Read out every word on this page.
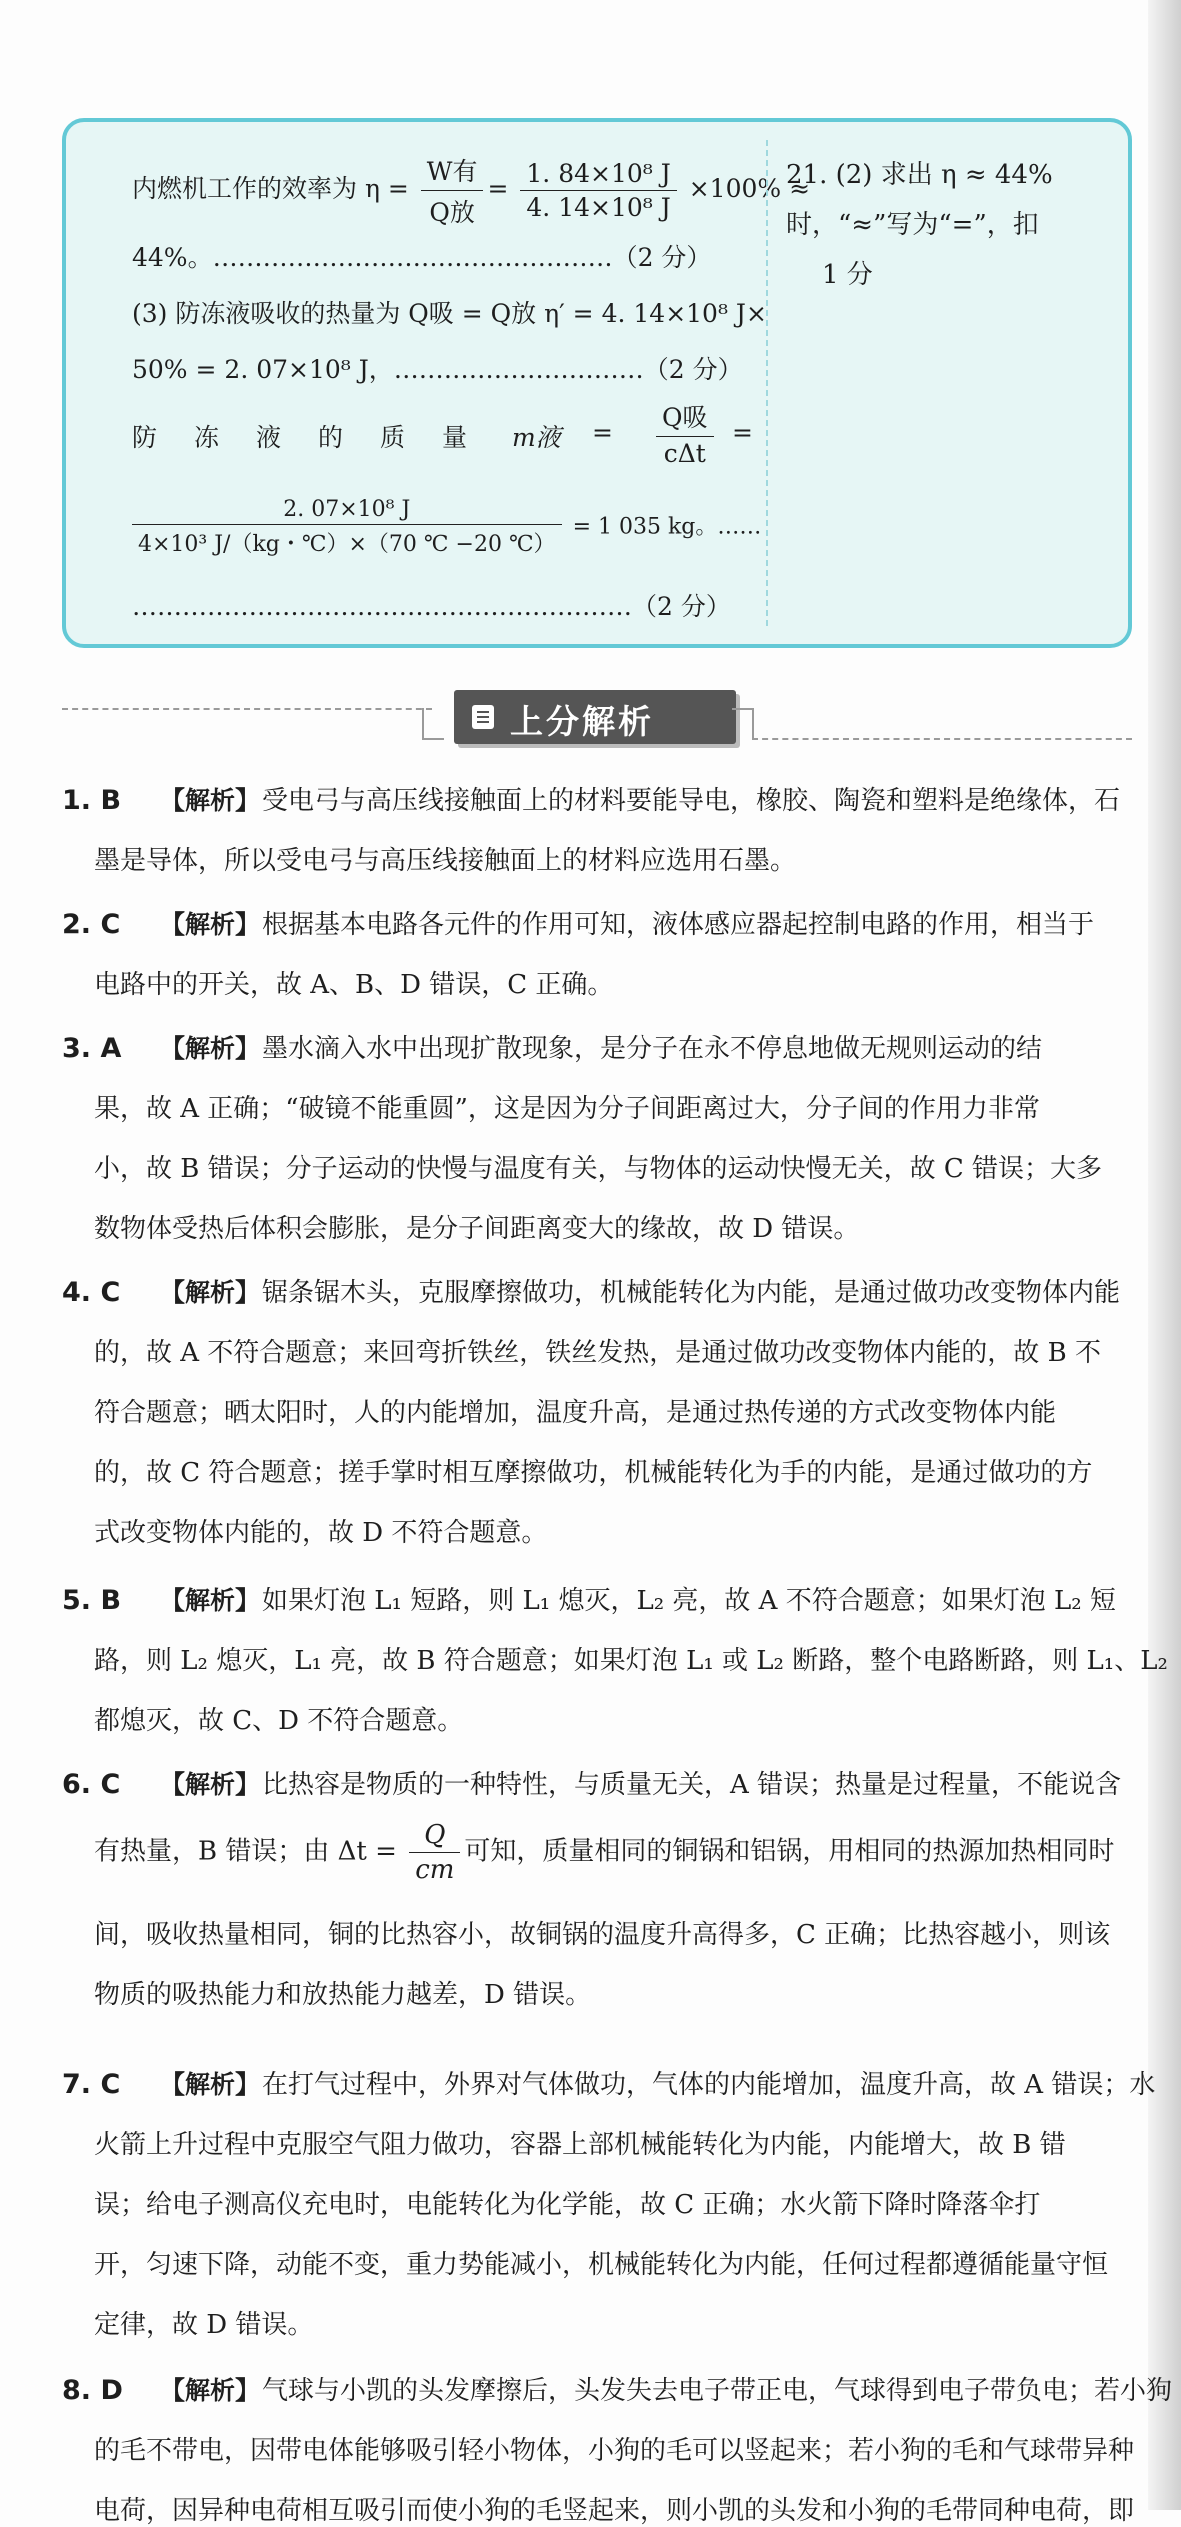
内燃机工作的效率为 $\eta = \frac{\text{W有}}{\text{Q放}} = \frac{\text{1. 84×10⁸ J}}{\text{4. 14×10⁸ J}} \times 100\%$ ≈
44%。…………………………………………（2 分）
(3) 防冻液吸收的热量为 Q吸 = Q放 η′ = 4. 14×10⁸ J×
50% = 2. 07×10⁸ J，…………………………（2 分）
防 冻 液 的 质 量 m液 =
Q吸
cΔt
=
$\frac{\text{2. 07×10⁸ J}}{\text{4×10³ J/（kg・℃）×（70 ℃ −20 ℃）}} = 1$ 035 kg。……
……………………………………………………（2 分）
21. (2) 求出 η ≈ 44%
时，“≈”写为“=”，扣
1 分
上分解析
1. B 【解析】受电弓与高压线接触面上的材料要能导电，橡胶、陶瓷和塑料是绝缘体，石
墨是导体，所以受电弓与高压线接触面上的材料应选用石墨。
2. C 【解析】根据基本电路各元件的作用可知，液体感应器起控制电路的作用，相当于
电路中的开关，故 A、B、D 错误，C 正确。
3. A 【解析】墨水滴入水中出现扩散现象，是分子在永不停息地做无规则运动的结
果，故 A 正确；“破镜不能重圆”，这是因为分子间距离过大，分子间的作用力非常
小，故 B 错误；分子运动的快慢与温度有关，与物体的运动快慢无关，故 C 错误；大多
数物体受热后体积会膨胀，是分子间距离变大的缘故，故 D 错误。
4. C 【解析】锯条锯木头，克服摩擦做功，机械能转化为内能，是通过做功改变物体内能
的，故 A 不符合题意；来回弯折铁丝，铁丝发热，是通过做功改变物体内能的，故 B 不
符合题意；晒太阳时，人的内能增加，温度升高，是通过热传递的方式改变物体内能
的，故 C 符合题意；搓手掌时相互摩擦做功，机械能转化为手的内能，是通过做功的方
式改变物体内能的，故 D 不符合题意。
5. B 【解析】如果灯泡 L₁ 短路，则 L₁ 熄灭，L₂ 亮，故 A 不符合题意；如果灯泡 L₂ 短
路，则 L₂ 熄灭，L₁ 亮，故 B 符合题意；如果灯泡 L₁ 或 L₂ 断路，整个电路断路，则 L₁、L₂
都熄灭，故 C、D 不符合题意。
6. C 【解析】比热容是物质的一种特性，与质量无关，A 错误；热量是过程量，不能说含
有热量，B 错误；由 $\Delta t = \frac{Q}{cm}$ 可知，质量相同的铜锅和铝锅，用相同的热源加热相同时
间，吸收热量相同，铜的比热容小，故铜锅的温度升高得多，C 正确；比热容越小，则该
物质的吸热能力和放热能力越差，D 错误。
7. C 【解析】在打气过程中，外界对气体做功，气体的内能增加，温度升高，故 A 错误；水
火箭上升过程中克服空气阻力做功，容器上部机械能转化为内能，内能增大，故 B 错
误；给电子测高仪充电时，电能转化为化学能，故 C 正确；水火箭下降时降落伞打
开，匀速下降，动能不变，重力势能减小，机械能转化为内能，任何过程都遵循能量守恒
定律，故 D 错误。
8. D 【解析】气球与小凯的头发摩擦后，头发失去电子带正电，气球得到电子带负电；若小狗
的毛不带电，因带电体能够吸引轻小物体，小狗的毛可以竖起来；若小狗的毛和气球带异种
电荷，因异种电荷相互吸引而使小狗的毛竖起来，则小凯的头发和小狗的毛带同种电荷，即
